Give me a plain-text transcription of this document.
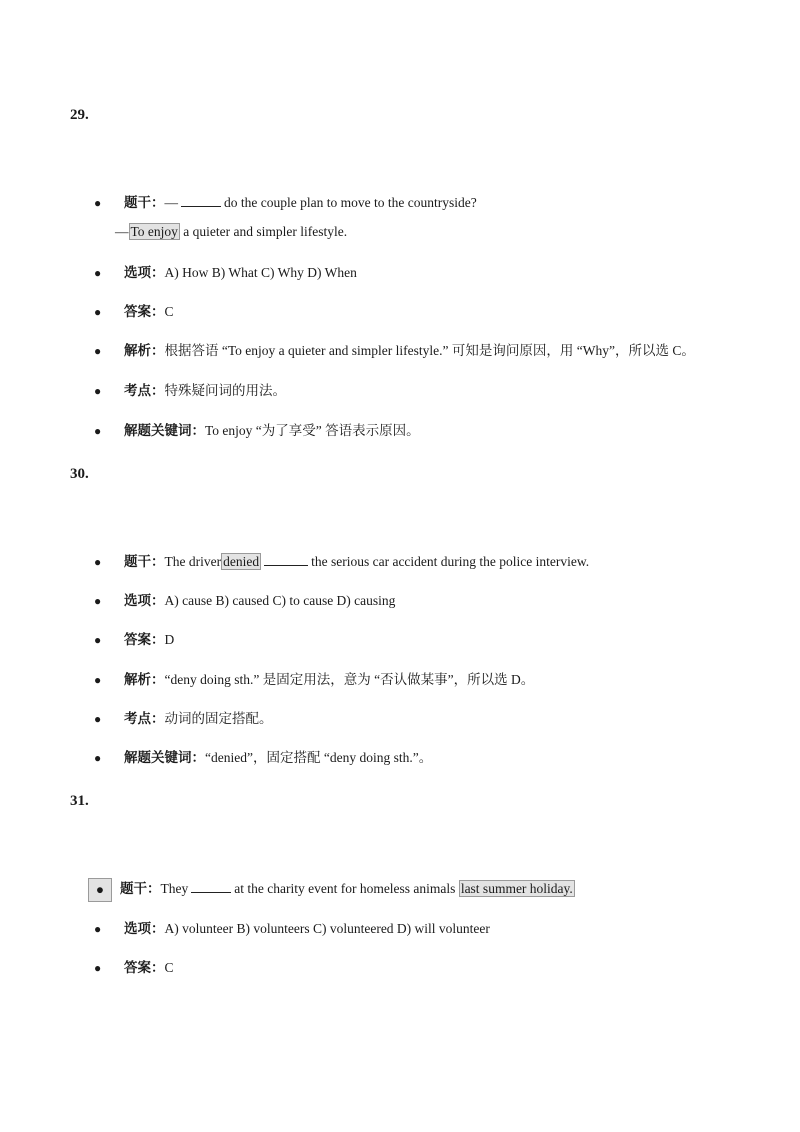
29.
● 题干：—	do the couple plan to move to the countryside?
— To enjoy a quieter and simpler lifestyle.
● 选项：A) How B) What C) Why D) When
● 答案：C
● 解析：根据答语 “To enjoy a quieter and simpler lifestyle.” 可知是询问原因，用 “Why”，所以选 C。
● 考点：特殊疑问词的用法。
● 解题关键词：To enjoy “为了享受” 答语表示原因。
30.
● 题干：The driver denied	the serious car accident during the police interview.
● 选项：A) cause B) caused C) to cause D) causing
● 答案：D
● 解析：“deny doing sth.” 是固定用法，意为 “否认做某事”，所以选 D。
● 考点：动词的固定搭配。
● 解题关键词：“denied”，固定搭配 “deny doing sth.”。
31.
● 题干：They	at the charity event for homeless animals last summer holiday.
● 选项：A) volunteer B) volunteers C) volunteered D) will volunteer
● 答案：C
